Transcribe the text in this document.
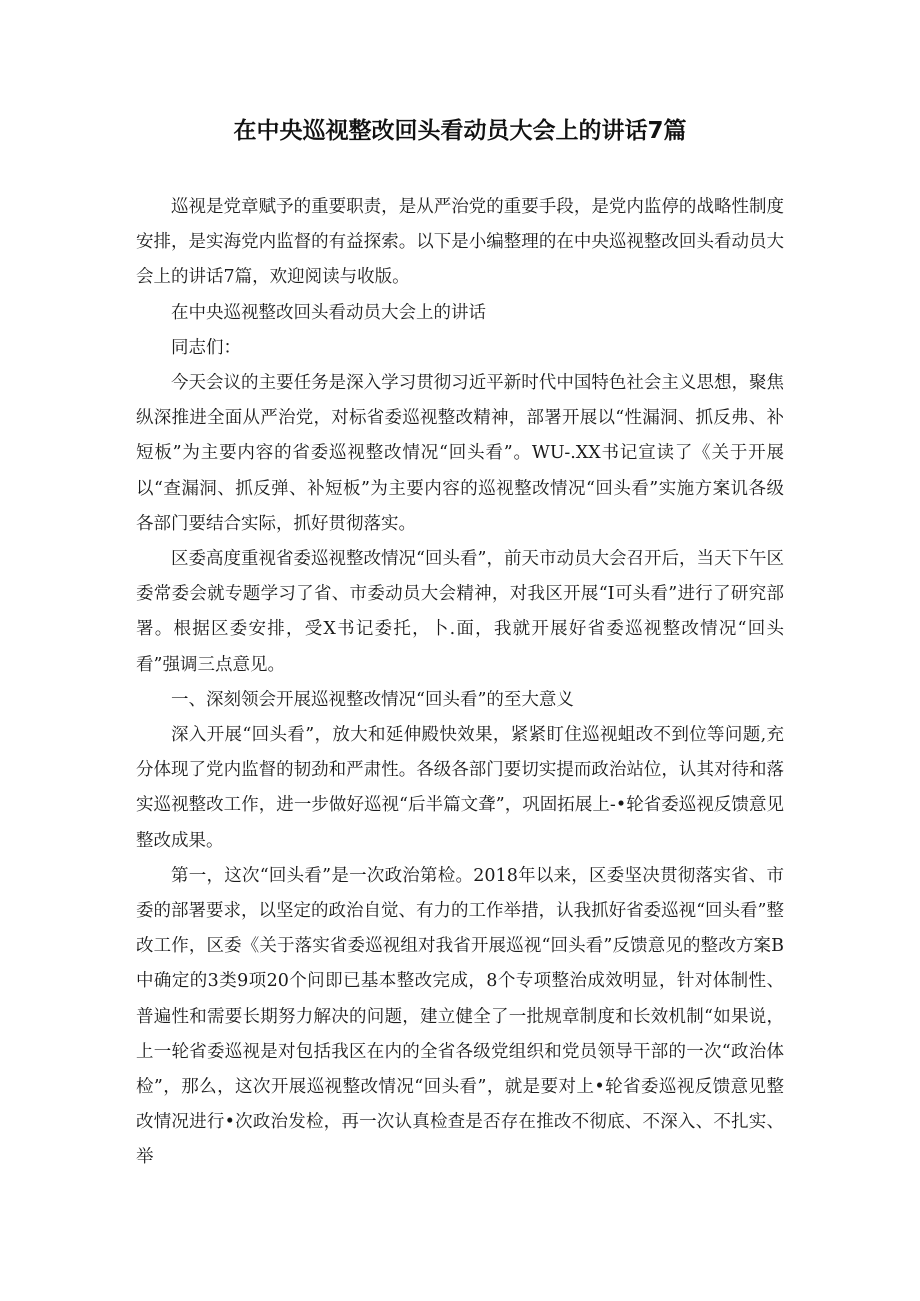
在中央巡视整改回头看动员大会上的讲话7篇

巡视是党章赋予的重要职责，是从严治党的重要手段，是党内监停的战略性制度安排，是实海党内监督的有益探索。以下是小编整理的在中央巡视整改回头看动员大会上的讲话7篇，欢迎阅读与收版。

在中央巡视整改回头看动员大会上的讲话

同志们：

今天会议的主要任务是深入学习贯彻习近平新时代中国特色社会主义思想，聚焦纵深推进全面从严治党，对标省委巡视整改精神，部署开展以“性漏洞、抓反弗、补短板”为主要内容的省委巡视整改情况“回头看”。WU-.XX书记宣读了《关于开展以“查漏洞、抓反弹、补短板”为主要内容的巡视整改情况“回头看”实施方案讥各级各部门要结合实际，抓好贯彻落实。

区委高度重视省委巡视整改情况“回头看”，前天市动员大会召开后，当天下午区委常委会就专题学习了省、市委动员大会精神，对我区开展“I可头看”进行了研究部署。根据区委安排，受X书记委托，卜.面，我就开展好省委巡视整改情况“回头看”强调三点意见。

一、深刻领会开展巡视整改情况“回头看”的至大意义

深入开展“回头看”，放大和延伸殿快效果，紧紧盯住巡视蛆改不到位等问题,充分体现了党内监督的韧劲和严肃性。各级各部门要切实提而政治站位，认其对待和落实巡视整改工作，进一步做好巡视“后半篇文聋”，巩固拓展上-•轮省委巡视反馈意见整改成果。

第一，这次“回头看”是一次政治第检。2018年以来，区委坚决贯彻落实省、市委的部署要求，以坚定的政治自觉、有力的工作举措，认我抓好省委巡视“回头看”整改工作，区委《关于落实省委巡视组对我省开展巡视“回头看”反馈意见的整改方案B中确定的3类9项20个问即已基本整改完成，8个专项整治成效明显，针对体制性、普遍性和需要长期努力解决的问题，建立健全了一批规章制度和长效机制“如果说，上一轮省委巡视是对包括我区在内的全省各级党组织和党员领导干部的一次“政治体检”，那么，这次开展巡视整改情况“回头看”，就是要对上•轮省委巡视反馈意见整改情况进行•次政治发检，再一次认真检查是否存在推改不彻底、不深入、不扎实、举
